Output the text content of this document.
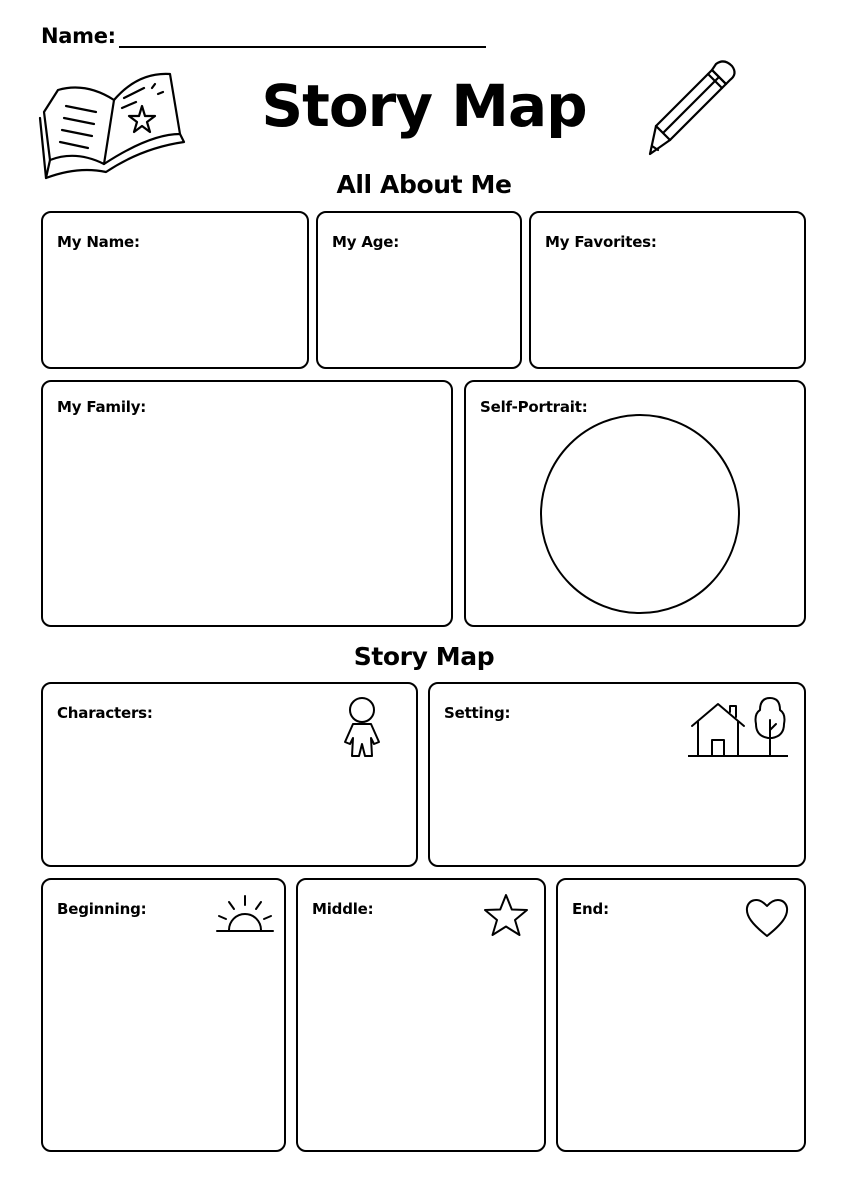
Name:
Story Map
All About Me
My Name:	My Age:	My Favorites:
My Family:	Self-Portrait:
Story Map
Characters:	Setting:
Beginning:	Middle:	End:
